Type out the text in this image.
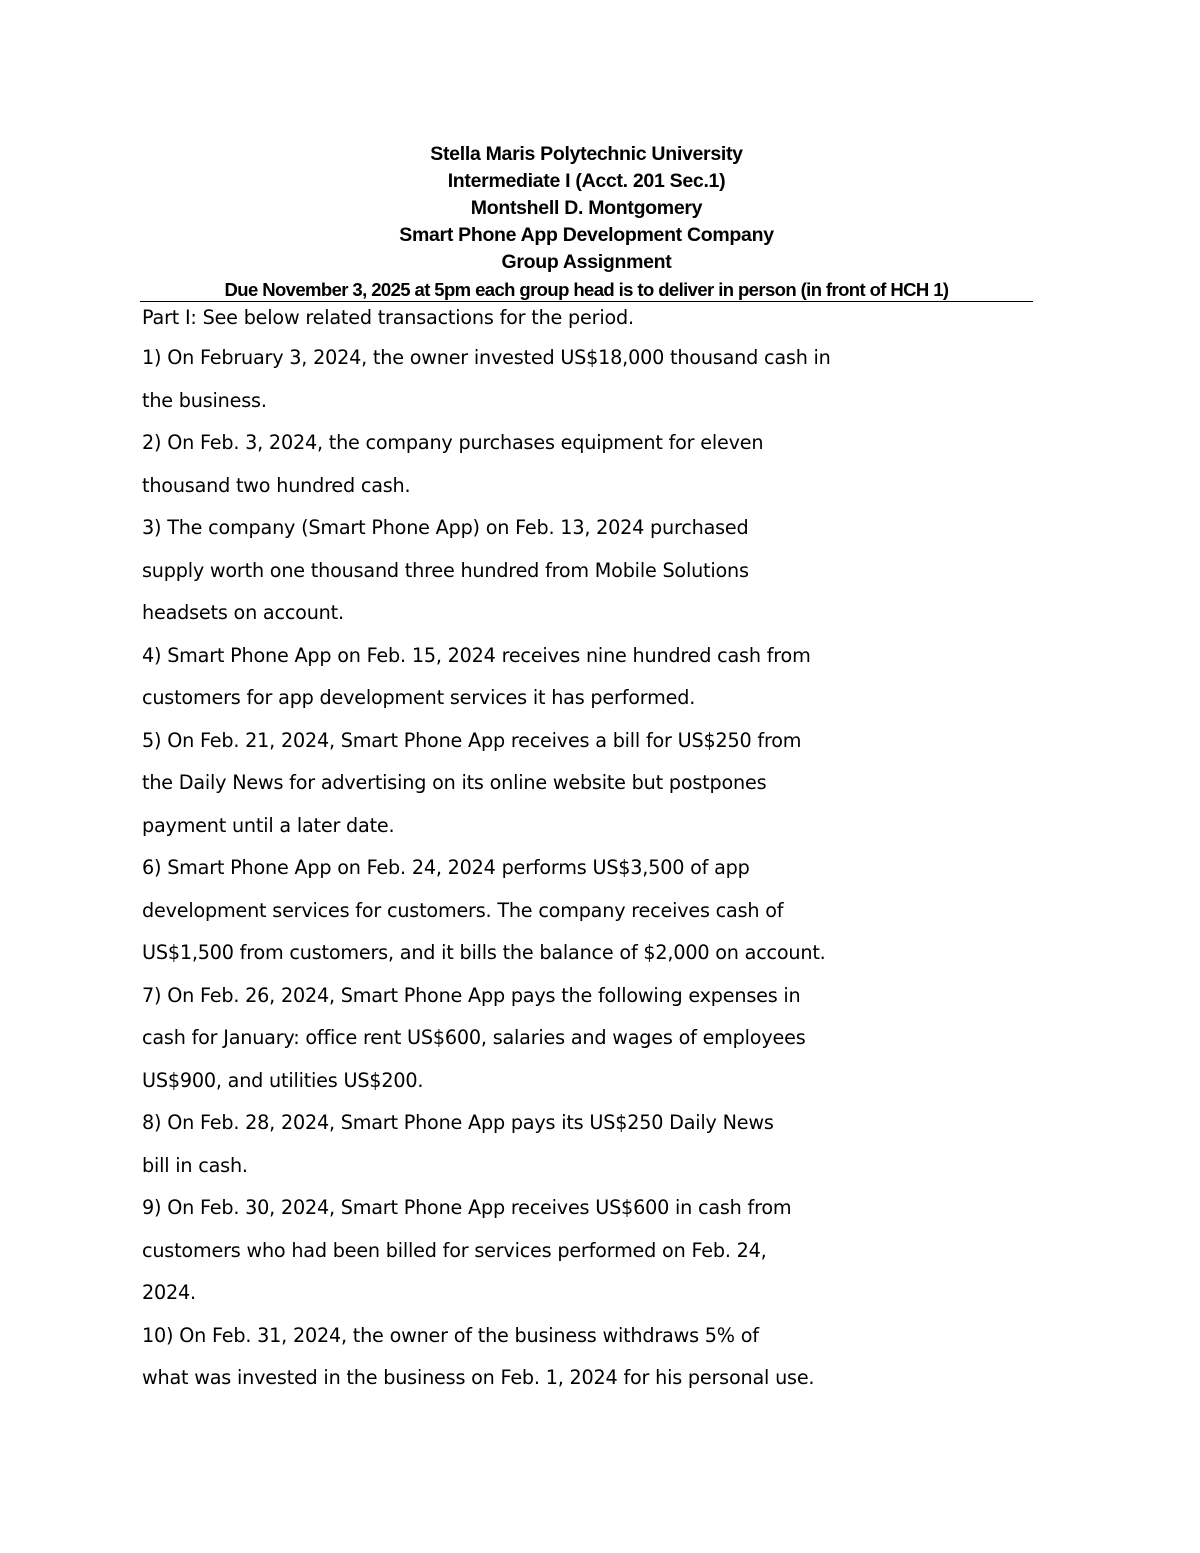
Stella Maris Polytechnic University
Intermediate I (Acct. 201 Sec.1)
Montshell D. Montgomery
Smart Phone App Development Company
Group Assignment
Due November 3, 2025 at 5pm each group head is to deliver in person (in front of HCH 1)
Part I: See below related transactions for the period.
1) On February 3, 2024, the owner invested US$18,000 thousand cash in
the business.
2) On Feb. 3, 2024, the company purchases equipment for eleven
thousand two hundred cash.
3) The company (Smart Phone App) on Feb. 13, 2024 purchased
supply worth one thousand three hundred from Mobile Solutions
headsets on account.
4) Smart Phone App on Feb. 15, 2024 receives nine hundred cash from
customers for app development services it has performed.
5) On Feb. 21, 2024, Smart Phone App receives a bill for US$250 from
the Daily News for advertising on its online website but postpones
payment until a later date.
6) Smart Phone App on Feb. 24, 2024 performs US$3,500 of app
development services for customers. The company receives cash of
US$1,500 from customers, and it bills the balance of $2,000 on account.
7) On Feb. 26, 2024, Smart Phone App pays the following expenses in
cash for January: office rent US$600, salaries and wages of employees
US$900, and utilities US$200.
8) On Feb. 28, 2024, Smart Phone App pays its US$250 Daily News
bill in cash.
9) On Feb. 30, 2024, Smart Phone App receives US$600 in cash from
customers who had been billed for services performed on Feb. 24,
2024.
10) On Feb. 31, 2024, the owner of the business withdraws 5% of
what was invested in the business on Feb. 1, 2024 for his personal use.
